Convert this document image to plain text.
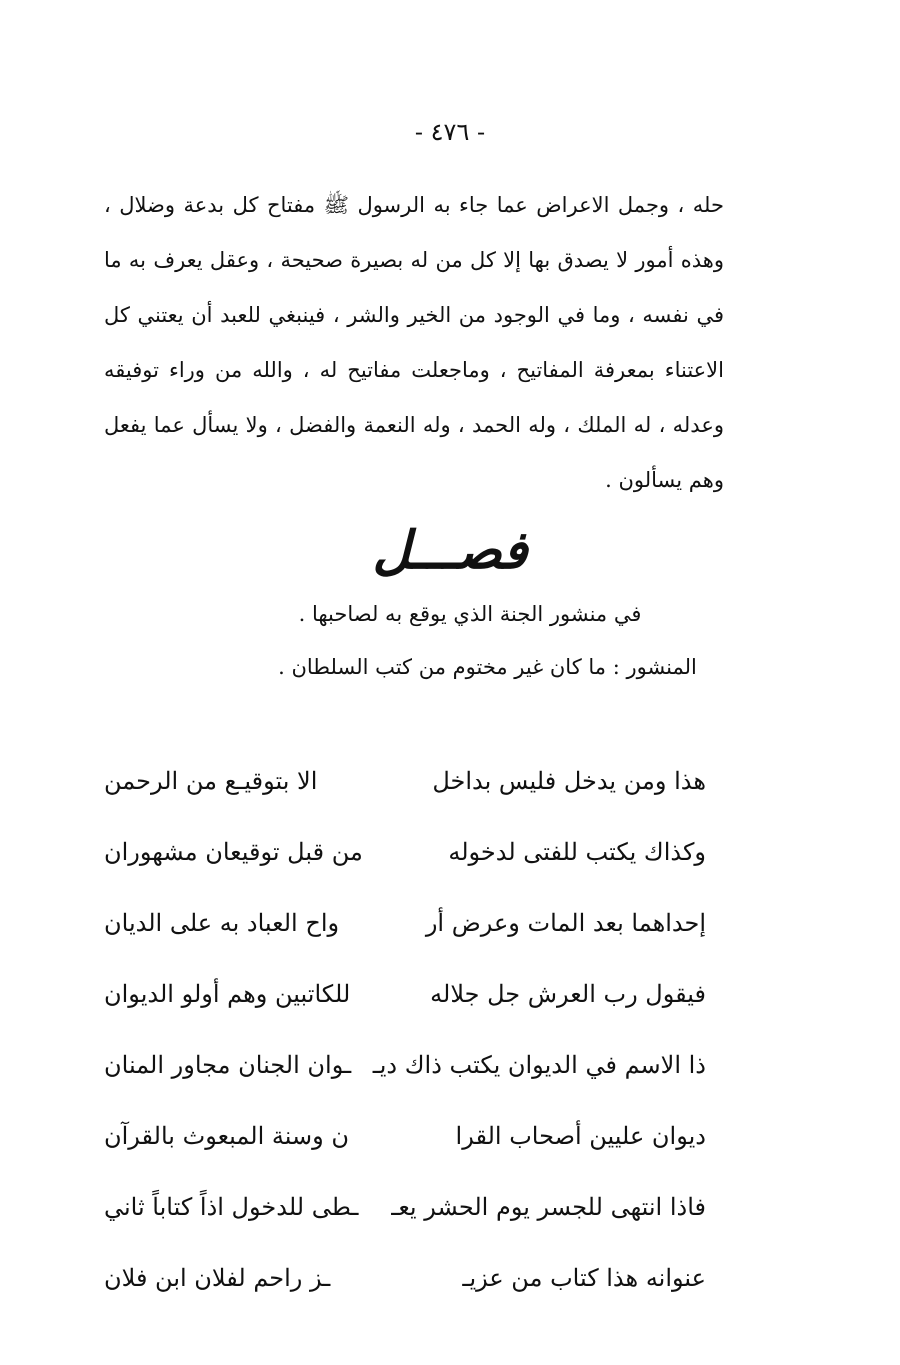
- ٤٧٦ -

حله ، وجمل الاعراض عما جاء به الرسول ﷺ مفتاح كل بدعة وضلال ، وهذه أمور لا يصدق بها إلا كل من له بصيرة صحيحة ، وعقل يعرف به ما في نفسه ، وما في الوجود من الخير والشر ، فينبغي للعبد أن يعتني كل الاعتناء بمعرفة المفاتيح ، وماجعلت مفاتيح له ، والله من وراء توفيقه وعدله ، له الملك ، وله الحمد ، وله النعمة والفضل ، ولا يسأل عما يفعل وهم يسألون .

فصـــل
في منشور الجنة الذي يوقع به لصاحبها .
المنشور : ما كان غير مختوم من كتب السلطان .
هذا ومن يدخل فليس بداخل
الا بتوقيـع من الرحمن
وكذاك يكتب للفتى لدخوله
من قبل توقيعان مشهوران
إحداهما بعد المات وعرض أر
واح العباد به على الديان
فيقول رب العرش جل جلاله
للكاتبين وهم أولو الديوان
ذا الاسم في الديوان يكتب ذاك ديـ
ـوان الجنان مجاور المنان
ديوان عليين أصحاب القرا
ن وسنة المبعوث بالقرآن
فاذا انتهى للجسر يوم الحشر يعـ
ـطى للدخول اذاً كتاباً ثاني
عنوانه هذا كتاب من عزيـ
ـز راحم لفلان ابن فلان
